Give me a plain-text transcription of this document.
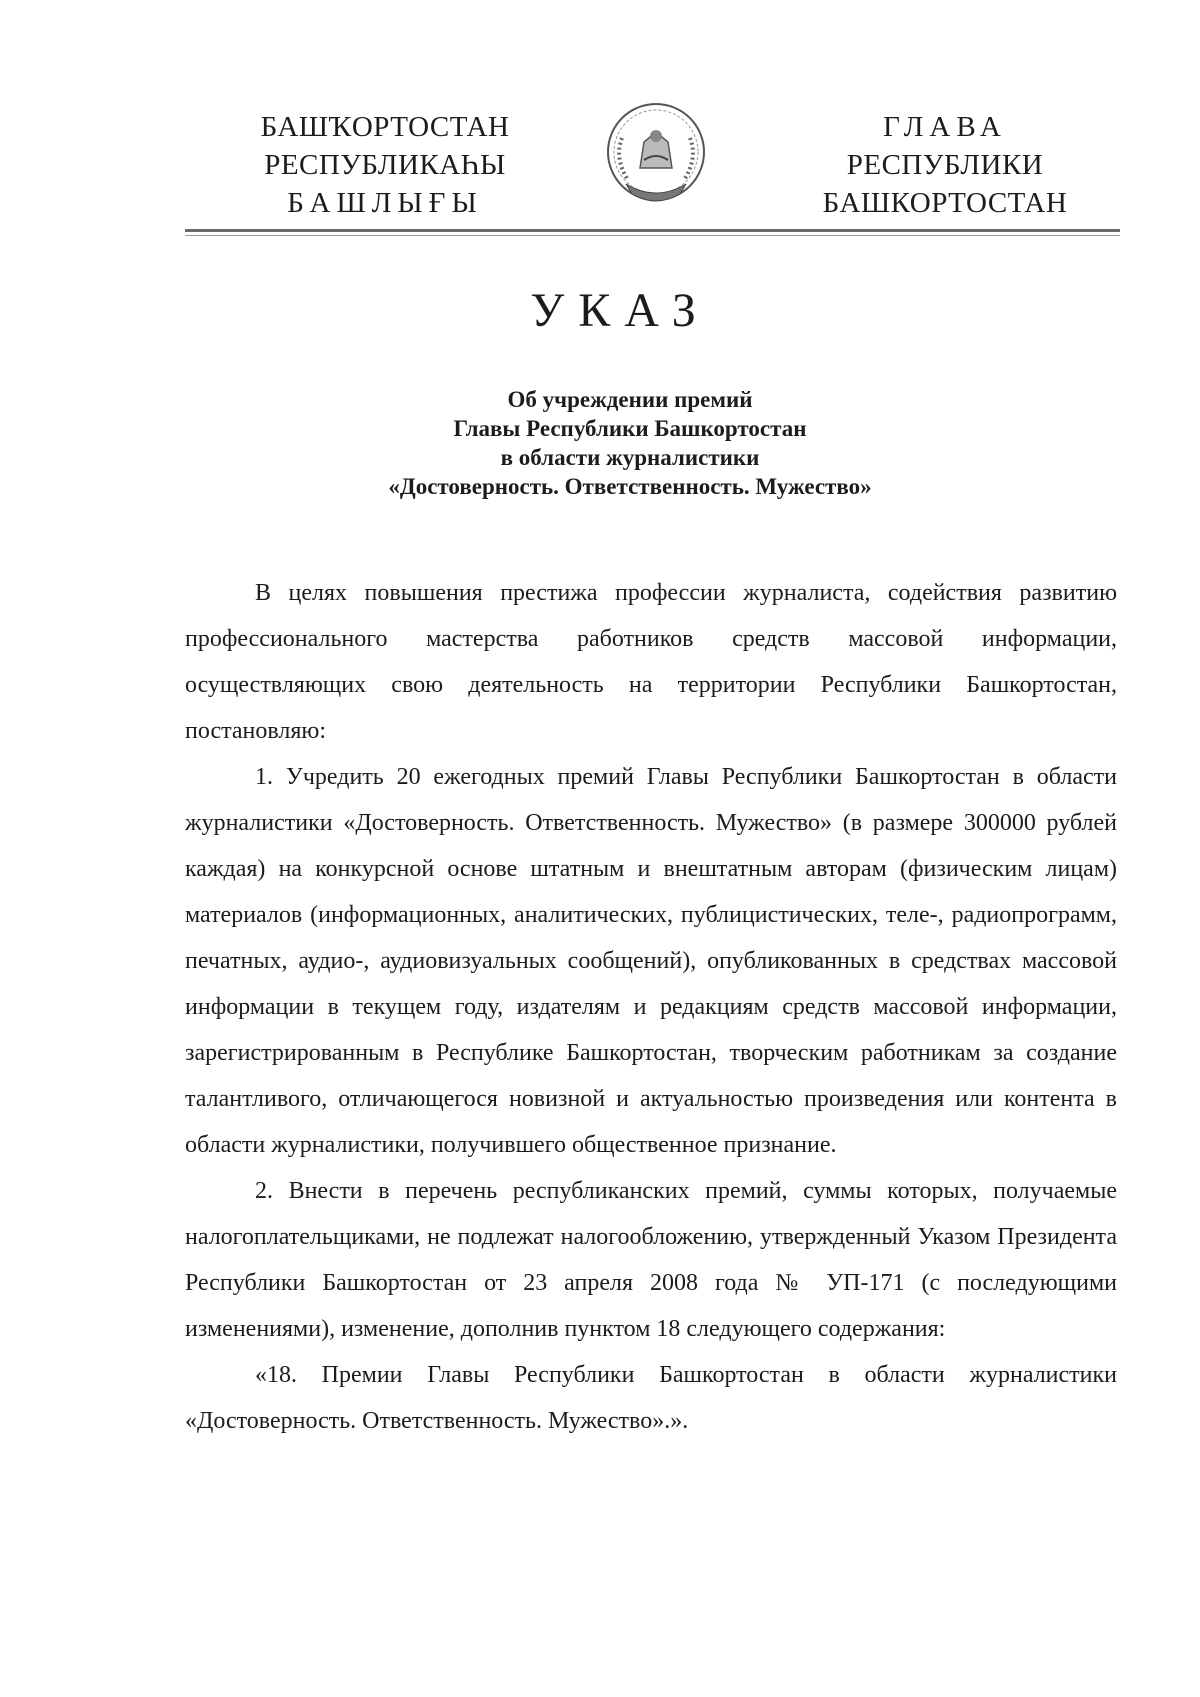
БАШҠОРТОСТАН
РЕСПУБЛИКАҺЫ
БАШЛЫҒЫ
ГЛАВА
РЕСПУБЛИКИ
БАШКОРТОСТАН
УКАЗ
Об учреждении премий
Главы Республики Башкортостан
в области журналистики
«Достоверность. Ответственность. Мужество»

В целях повышения престижа профессии журналиста, содействия развитию профессионального мастерства работников средств массовой информации, осуществляющих свою деятельность на территории Республики Башкортостан, постановляю:

1. Учредить 20 ежегодных премий Главы Республики Башкортостан в области журналистики «Достоверность. Ответственность. Мужество» (в размере 300000 рублей каждая) на конкурсной основе штатным и внештатным авторам (физическим лицам) материалов (информационных, аналитических, публицистических, теле-, радиопрограмм, печатных, аудио-, аудиовизуальных сообщений), опубликованных в средствах массовой информации в текущем году, издателям и редакциям средств массовой информации, зарегистрированным в Республике Башкортостан, творческим работникам за создание талантливого, отличающегося новизной и актуальностью произведения или контента в области журналистики, получившего общественное признание.

2. Внести в перечень республиканских премий, суммы которых, получаемые налогоплательщиками, не подлежат налогообложению, утвержденный Указом Президента Республики Башкортостан от 23 апреля 2008 года № УП-171 (с последующими изменениями), изменение, дополнив пунктом 18 следующего содержания:

«18. Премии Главы Республики Башкортостан в области журналистики «Достоверность. Ответственность. Мужество».».
